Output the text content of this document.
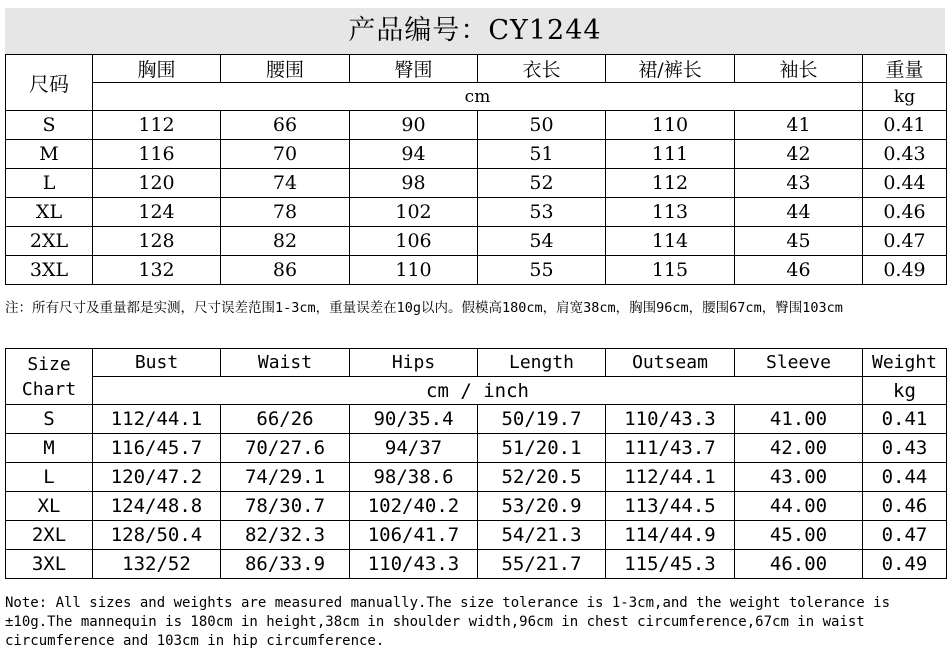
产品编号：CY1244
尺码	胸围	腰围	臀围	衣长	裙/裤长	袖长	重量
	cm						kg
S	112	66	90	50	110	41	0.41
M	116	70	94	51	111	42	0.43
L	120	74	98	52	112	43	0.44
XL	124	78	102	53	113	44	0.46
2XL	128	82	106	54	114	45	0.47
3XL	132	86	110	55	115	46	0.49
注：所有尺寸及重量都是实测，尺寸误差范围1-3cm，重量误差在10g以内。假模高180cm，肩宽38cm，胸围96cm，腰围67cm，臀围103cm
Size Chart	Bust	Waist	Hips	Length	Outseam	Sleeve	Weight
	cm / inch						kg
S	112/44.1	66/26	90/35.4	50/19.7	110/43.3	41.00	0.41
M	116/45.7	70/27.6	94/37	51/20.1	111/43.7	42.00	0.43
L	120/47.2	74/29.1	98/38.6	52/20.5	112/44.1	43.00	0.44
XL	124/48.8	78/30.7	102/40.2	53/20.9	113/44.5	44.00	0.46
2XL	128/50.4	82/32.3	106/41.7	54/21.3	114/44.9	45.00	0.47
3XL	132/52	86/33.9	110/43.3	55/21.7	115/45.3	46.00	0.49
Note: All sizes and weights are measured manually.The size tolerance is 1-3cm,and the weight tolerance is ±10g.The mannequin is 180cm in height,38cm in shoulder width,96cm in chest circumference,67cm in waist circumference and 103cm in hip circumference.
